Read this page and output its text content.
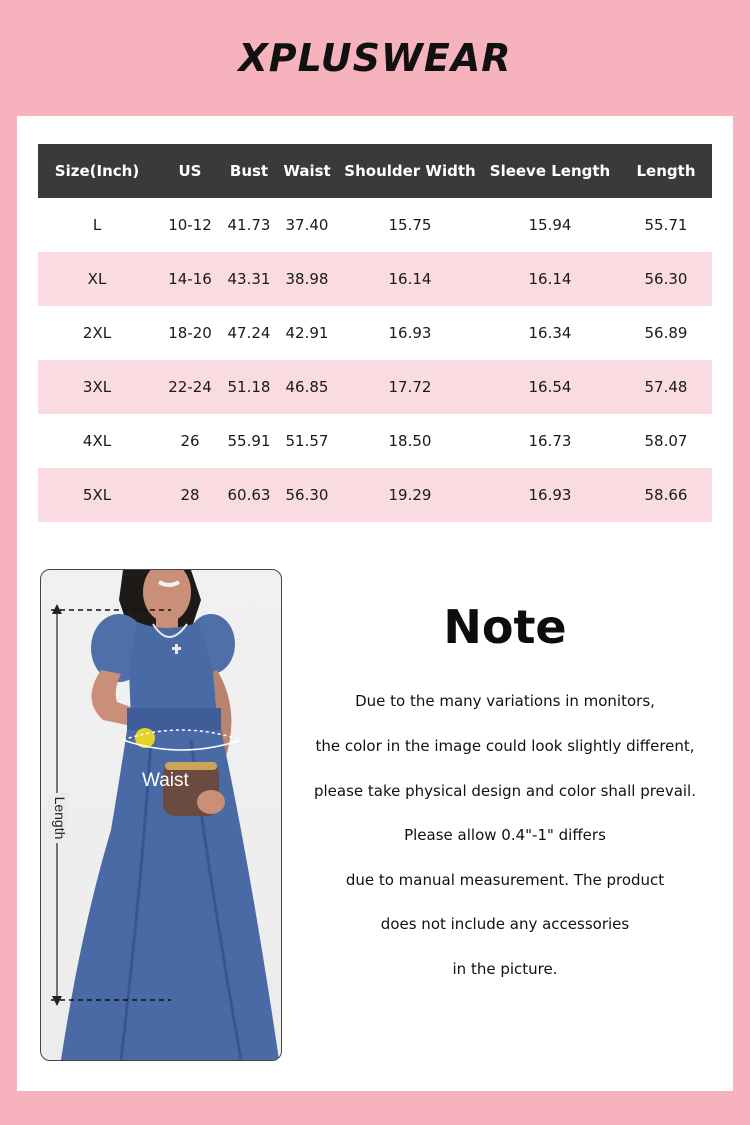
XPLUSWEAR
Size(Inch)	US	Bust	Waist	Shoulder Width	Sleeve Length	Length
L	10-12	41.73	37.40	15.75	15.94	55.71
XL	14-16	43.31	38.98	16.14	16.14	56.30
2XL	18-20	47.24	42.91	16.93	16.34	56.89
3XL	22-24	51.18	46.85	17.72	16.54	57.48
4XL	26	55.91	51.57	18.50	16.73	58.07
5XL	28	60.63	56.30	19.29	16.93	58.66
Waist
Length
Note
Due to the many variations in monitors,
the color in the image could look slightly different,
please take physical design and color shall prevail.
Please allow 0.4"-1" differs
due to manual measurement. The product
does not include any accessories
in the picture.
